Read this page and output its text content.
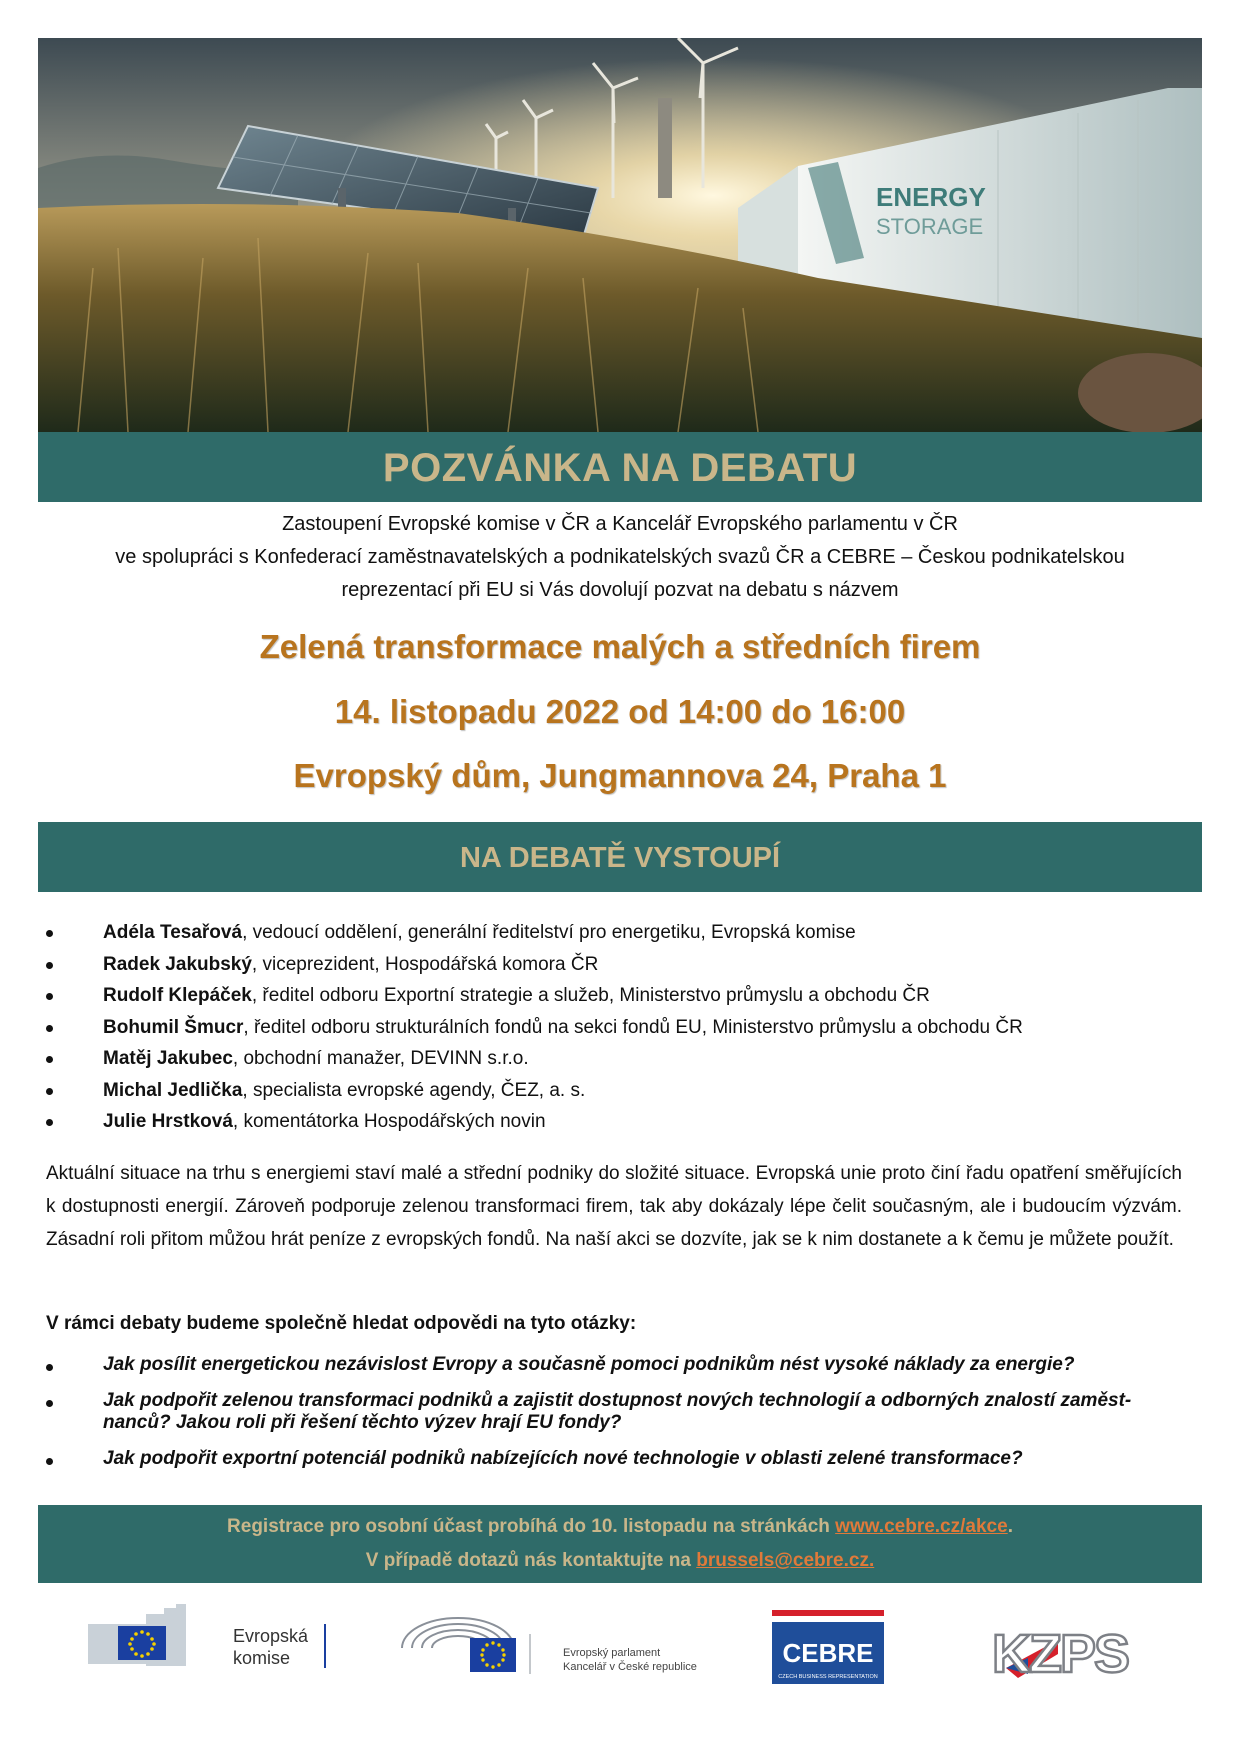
ENERGY
STORAGE
POZVÁNKA NA DEBATU
Zastoupení Evropské komise v ČR a Kancelář Evropského parlamentu v ČR
ve spolupráci s Konfederací zaměstnavatelských a podnikatelských svazů ČR a CEBRE – Českou podnikatelskou
reprezentací při EU si Vás dovolují pozvat na debatu s názvem
Zelená transformace malých a středních firem
14. listopadu 2022 od 14:00 do 16:00
Evropský dům, Jungmannova 24, Praha 1
NA DEBATĚ VYSTOUPÍ
Adéla Tesařová, vedoucí oddělení, generální ředitelství pro energetiku, Evropská komise
Radek Jakubský, viceprezident, Hospodářská komora ČR
Rudolf Klepáček, ředitel odboru Exportní strategie a služeb, Ministerstvo průmyslu a obchodu ČR
Bohumil Šmucr, ředitel odboru strukturálních fondů na sekci fondů EU, Ministerstvo průmyslu a obchodu ČR
Matěj Jakubec, obchodní manažer, DEVINN s.r.o.
Michal Jedlička, specialista evropské agendy, ČEZ, a. s.
Julie Hrstková, komentátorka Hospodářských novin
Aktuální situace na trhu s energiemi staví malé a střední podniky do složité situace. Evropská unie proto činí řadu opatření směřujících k dostupnosti energií. Zároveň podporuje zelenou transformaci firem, tak aby dokázaly lépe čelit současným, ale i budoucím výzvám. Zásadní roli přitom můžou hrát peníze z evropských fondů. Na naší akci se dozvíte, jak se k nim dostanete a k čemu je můžete použít.
V rámci debaty budeme společně hledat odpovědi na tyto otázky:
Jak posílit energetickou nezávislost Evropy a současně pomoci podnikům nést vysoké náklady za energie?
Jak podpořit zelenou transformaci podniků a zajistit dostupnost nových technologií a odborných znalostí zaměstnanců? Jakou roli při řešení těchto výzev hrají EU fondy?
Jak podpořit exportní potenciál podniků nabízejících nové technologie v oblasti zelené transformace?
Registrace pro osobní účast probíhá do 10. listopadu na stránkách www.cebre.cz/akce.
V případě dotazů nás kontaktujte na brussels@cebre.cz.
Evropská
komise	Evropský parlament
Kancelář v České republice	CEBRE
CZECH BUSINESS REPRESENTATION KZPS
